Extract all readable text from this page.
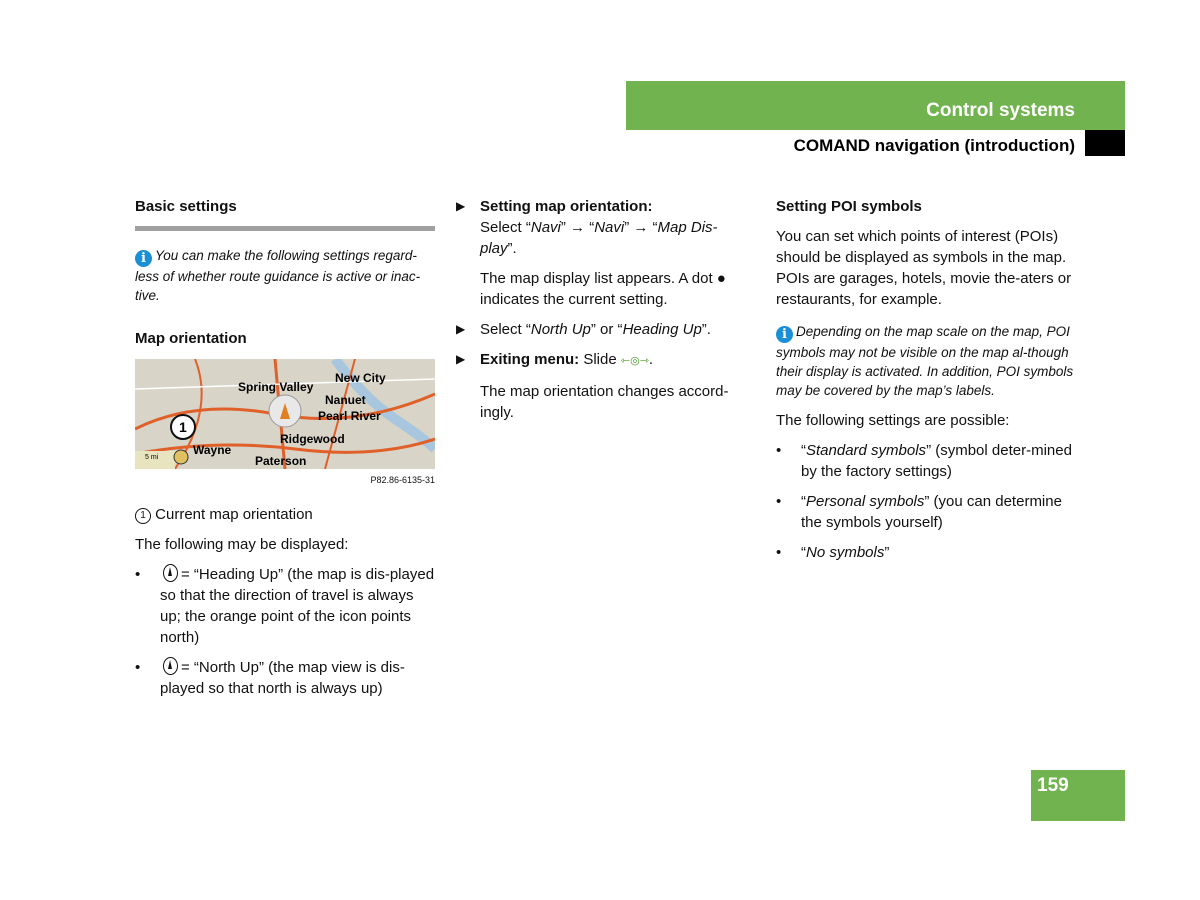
Control systems
COMAND navigation (introduction)
Basic settings

i You can make the following settings regard-less of whether route guidance is active or inac-tive.

Map orientation
Spring Valley
New City
Nanuet
Pearl River
Ridgewood
Wayne
Paterson
5 mi
1
P82.86-6135-31

1 Current map orientation

The following may be displayed:

•	= “Heading Up” (the map is dis-played so that the direction of travel is always up; the orange point of the icon points north)
•	= “North Up” (the map view is dis-played so that north is always up)
▶ Setting map orientation:
Select “Navi” → “Navi” → “Map Dis-play”.

The map display list appears. A dot ● indicates the current setting.

▶ Select “North Up” or “Heading Up”.
▶ Exiting menu: Slide ⇽◎⇾.

The map orientation changes accord-ingly.

Setting POI symbols

You can set which points of interest (POIs) should be displayed as symbols in the map. POIs are garages, hotels, movie the-aters or restaurants, for example.

i Depending on the map scale on the map, POI symbols may not be visible on the map al-though their display is activated. In addition, POI symbols may be covered by the map’s labels.

The following settings are possible:

• “Standard symbols” (symbol deter-mined by the factory settings)
• “Personal symbols” (you can determine the symbols yourself)
• “No symbols”
159
